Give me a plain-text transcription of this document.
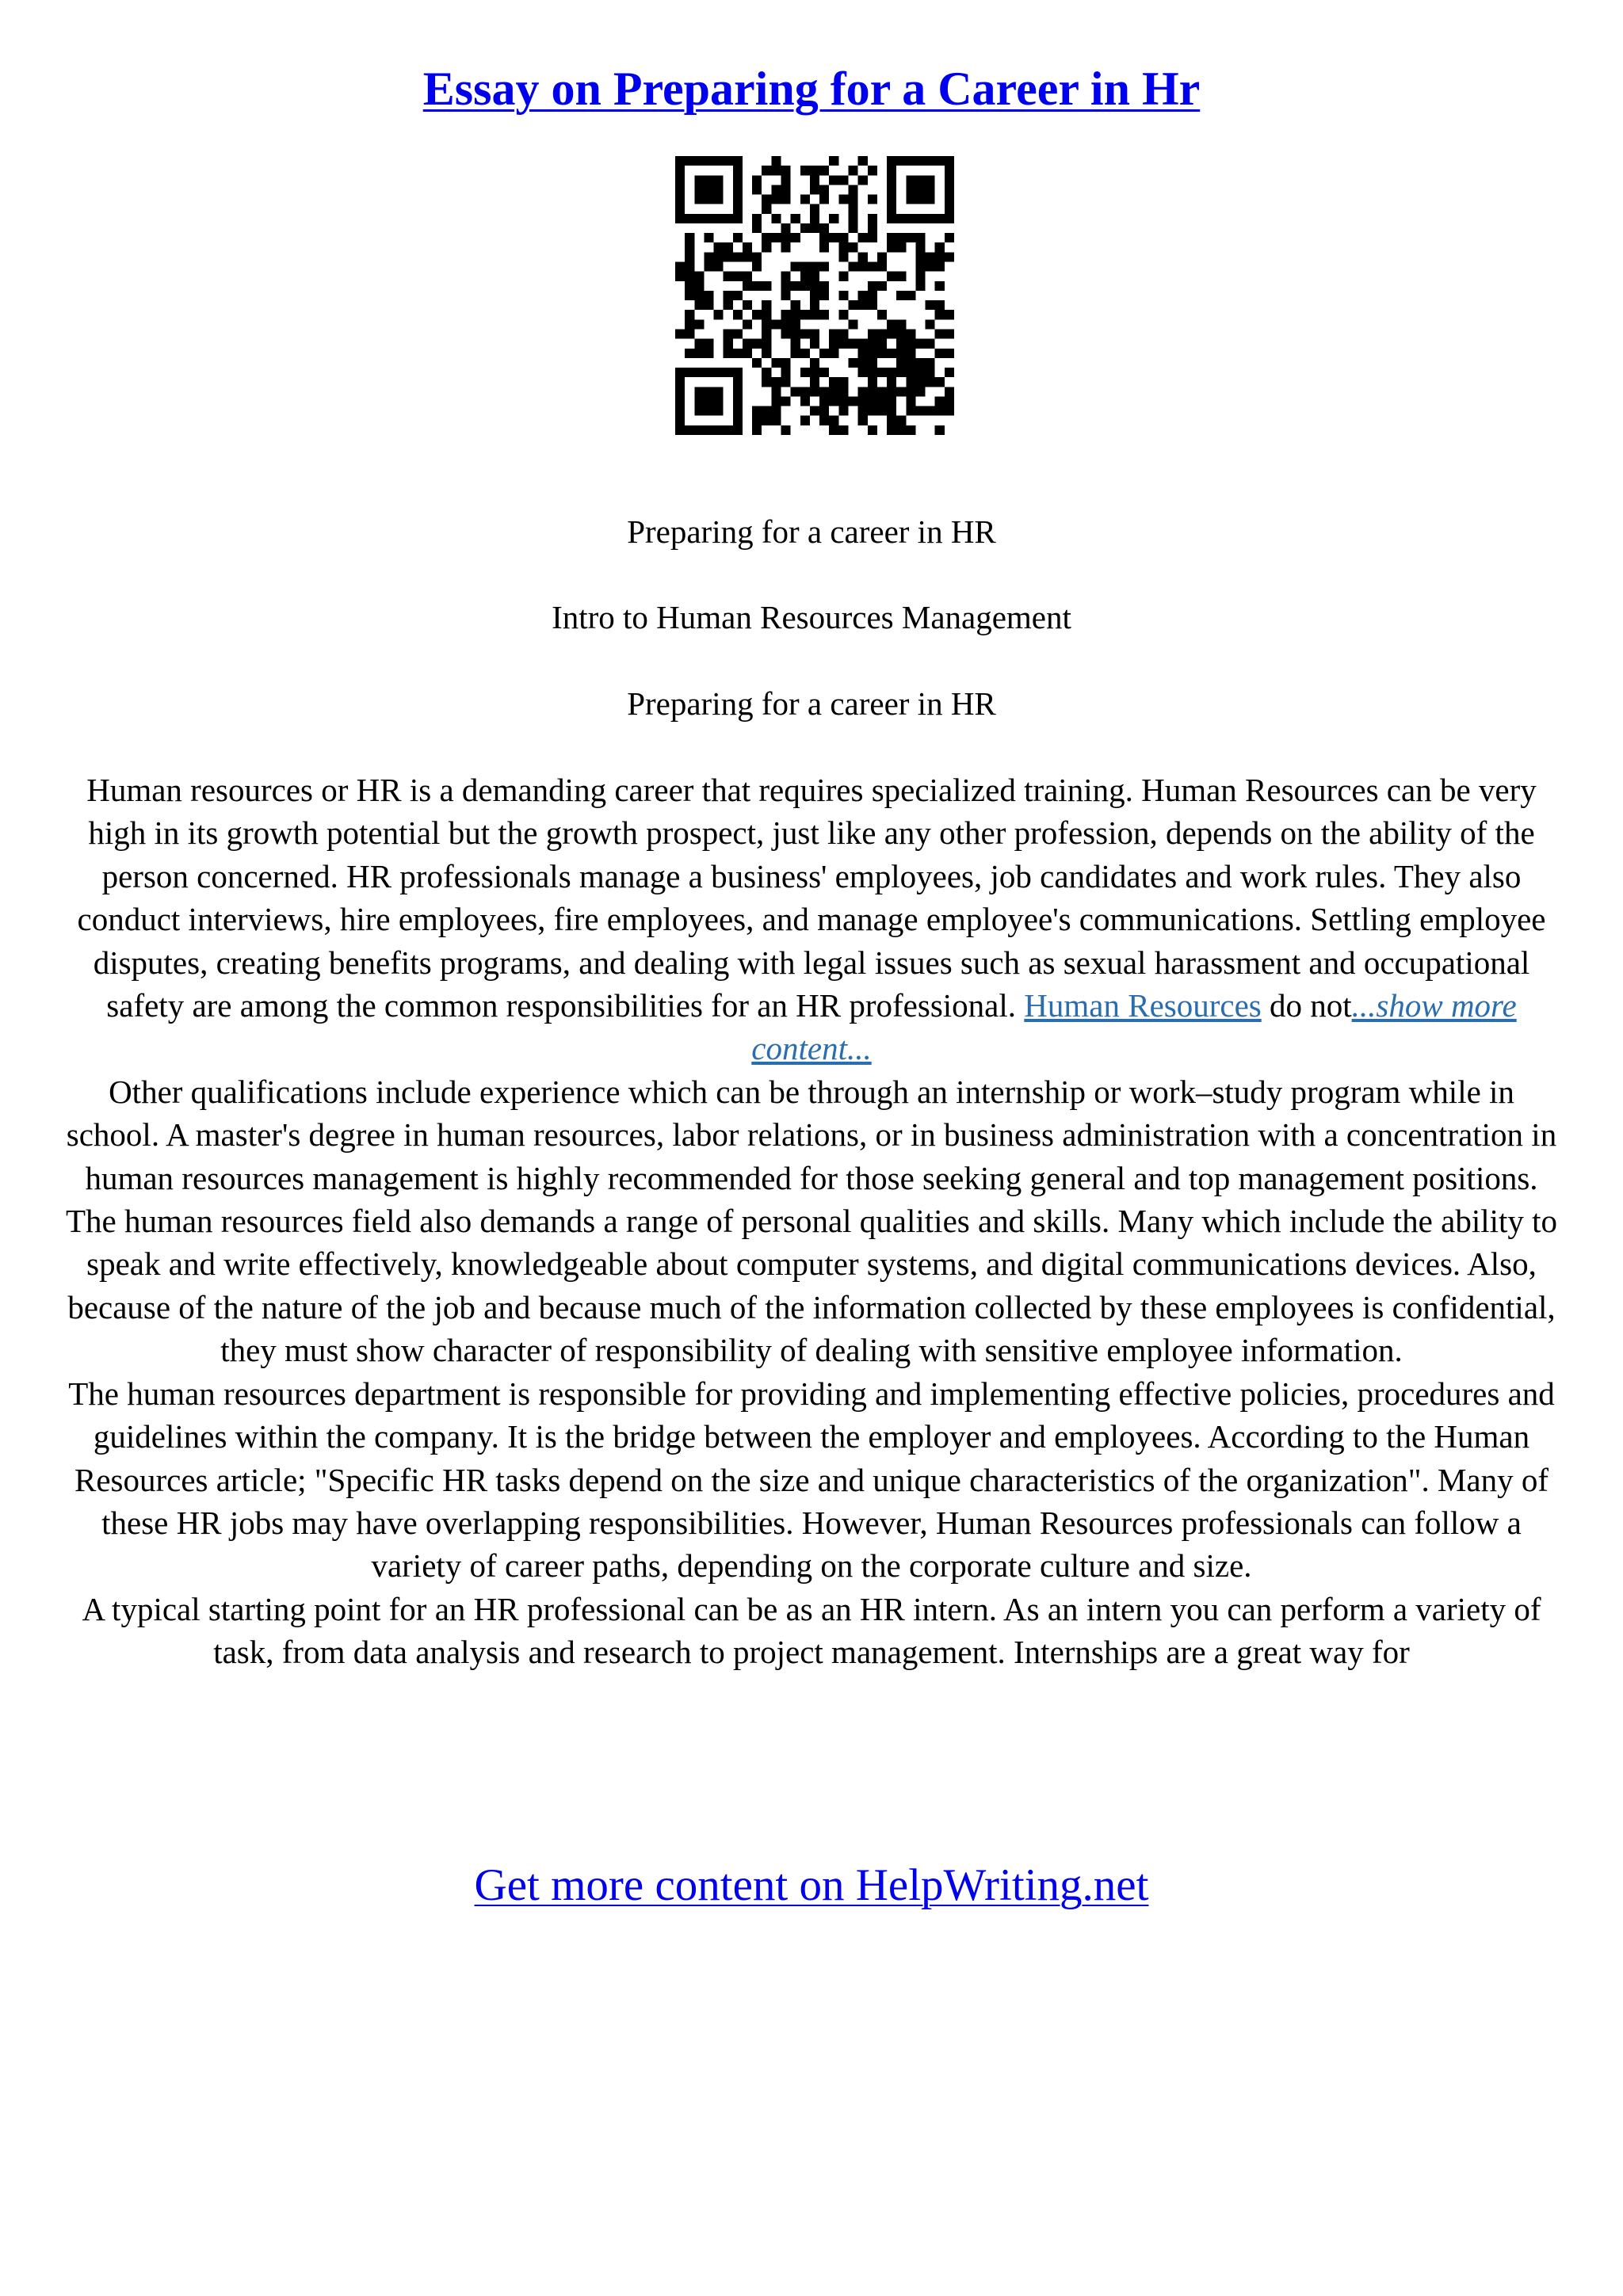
Essay on Preparing for a Career in Hr

Preparing for a career in HR

Intro to Human Resources Management

Preparing for a career in HR

Human resources or HR is a demanding career that requires specialized training. Human Resources can be very high in its growth potential but the growth prospect, just like any other profession, depends on the ability of the person concerned. HR professionals manage a business' employees, job candidates and work rules. They also conduct interviews, hire employees, fire employees, and manage employee's communications. Settling employee disputes, creating benefits programs, and dealing with legal issues such as sexual harassment and occupational safety are among the common responsibilities for an HR professional. Human Resources do not...show more content...

Other qualifications include experience which can be through an internship or work–study program while in school. A master's degree in human resources, labor relations, or in business administration with a concentration in human resources management is highly recommended for those seeking general and top management positions. The human resources field also demands a range of personal qualities and skills. Many which include the ability to speak and write effectively, knowledgeable about computer systems, and digital communications devices. Also, because of the nature of the job and because much of the information collected by these employees is confidential, they must show character of responsibility of dealing with sensitive employee information.

The human resources department is responsible for providing and implementing effective policies, procedures and guidelines within the company. It is the bridge between the employer and employees. According to the Human Resources article; "Specific HR tasks depend on the size and unique characteristics of the organization". Many of these HR jobs may have overlapping responsibilities. However, Human Resources professionals can follow a variety of career paths, depending on the corporate culture and size.

A typical starting point for an HR professional can be as an HR intern. As an intern you can perform a variety of task, from data analysis and research to project management. Internships are a great way for

Get more content on HelpWriting.net
